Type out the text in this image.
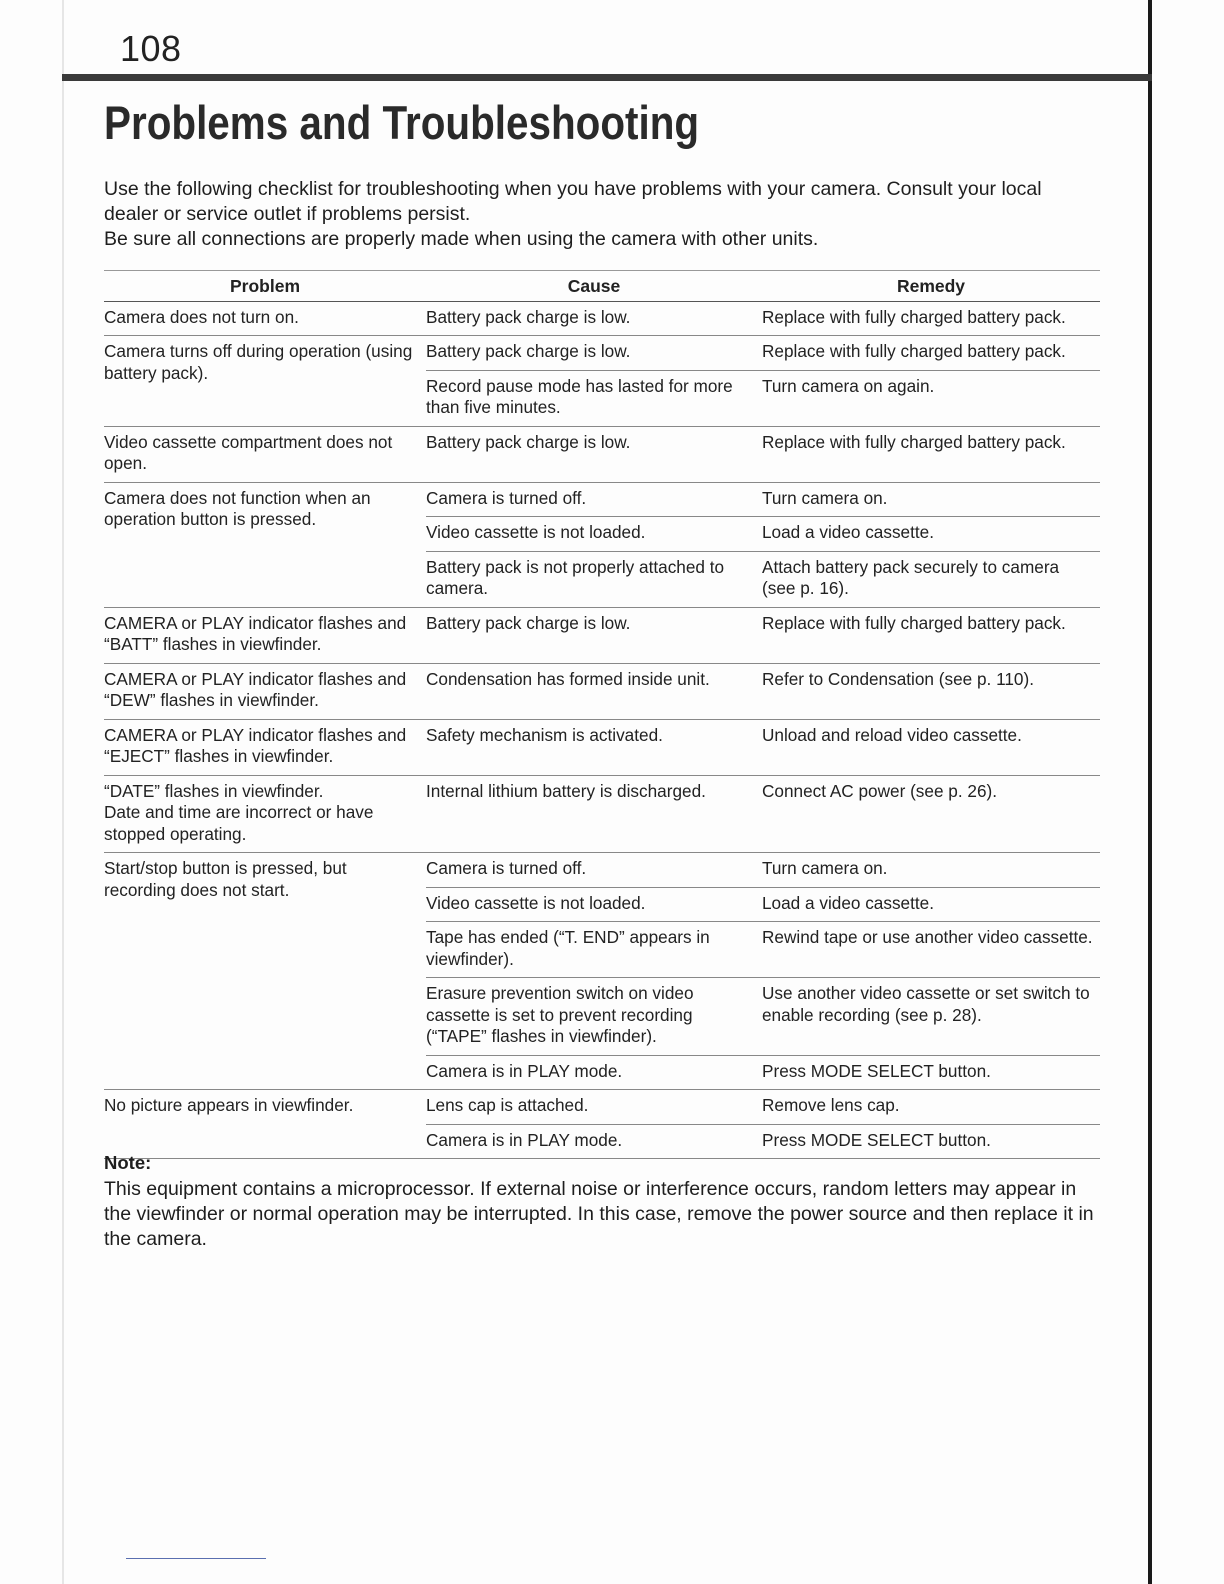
108
Problems and Troubleshooting

Use the following checklist for troubleshooting when you have problems with your camera. Consult your local dealer or service outlet if problems persist.

Be sure all connections are properly made when using the camera with other units.

Problem	Cause	Remedy

Camera does not turn on.	Battery pack charge is low.	Replace with fully charged battery pack.

Camera turns off during operation (using battery pack).	Battery pack charge is low.	Replace with fully charged battery pack.
	Record pause mode has lasted for more than five minutes.	Turn camera on again.

Video cassette compartment does not open.	Battery pack charge is low.	Replace with fully charged battery pack.

Camera does not function when an operation button is pressed.	Camera is turned off.	Turn camera on.
	Video cassette is not loaded.	Load a video cassette.
	Battery pack is not properly attached to camera.	Attach battery pack securely to camera (see p. 16).

CAMERA or PLAY indicator flashes and “BATT” flashes in viewfinder.	Battery pack charge is low.	Replace with fully charged battery pack.

CAMERA or PLAY indicator flashes and “DEW” flashes in viewfinder.	Condensation has formed inside unit.	Refer to Condensation (see p. 110).

CAMERA or PLAY indicator flashes and “EJECT” flashes in viewfinder.	Safety mechanism is activated.	Unload and reload video cassette.

“DATE” flashes in viewfinder.
Date and time are incorrect or have stopped operating.	Internal lithium battery is discharged.	Connect AC power (see p. 26).

Start/stop button is pressed, but recording does not start.	Camera is turned off.	Turn camera on.
	Video cassette is not loaded.	Load a video cassette.
	Tape has ended (“T. END” appears in viewfinder).	Rewind tape or use another video cassette.
	Erasure prevention switch on video cassette is set to prevent recording (“TAPE” flashes in viewfinder).	Use another video cassette or set switch to enable recording (see p. 28).
	Camera is in PLAY mode.	Press MODE SELECT button.

No picture appears in viewfinder.	Lens cap is attached.	Remove lens cap.
	Camera is in PLAY mode.	Press MODE SELECT button.
Note:

This equipment contains a microprocessor. If external noise or interference occurs, random letters may appear in the viewfinder or normal operation may be interrupted. In this case, remove the power source and then replace it in the camera.
